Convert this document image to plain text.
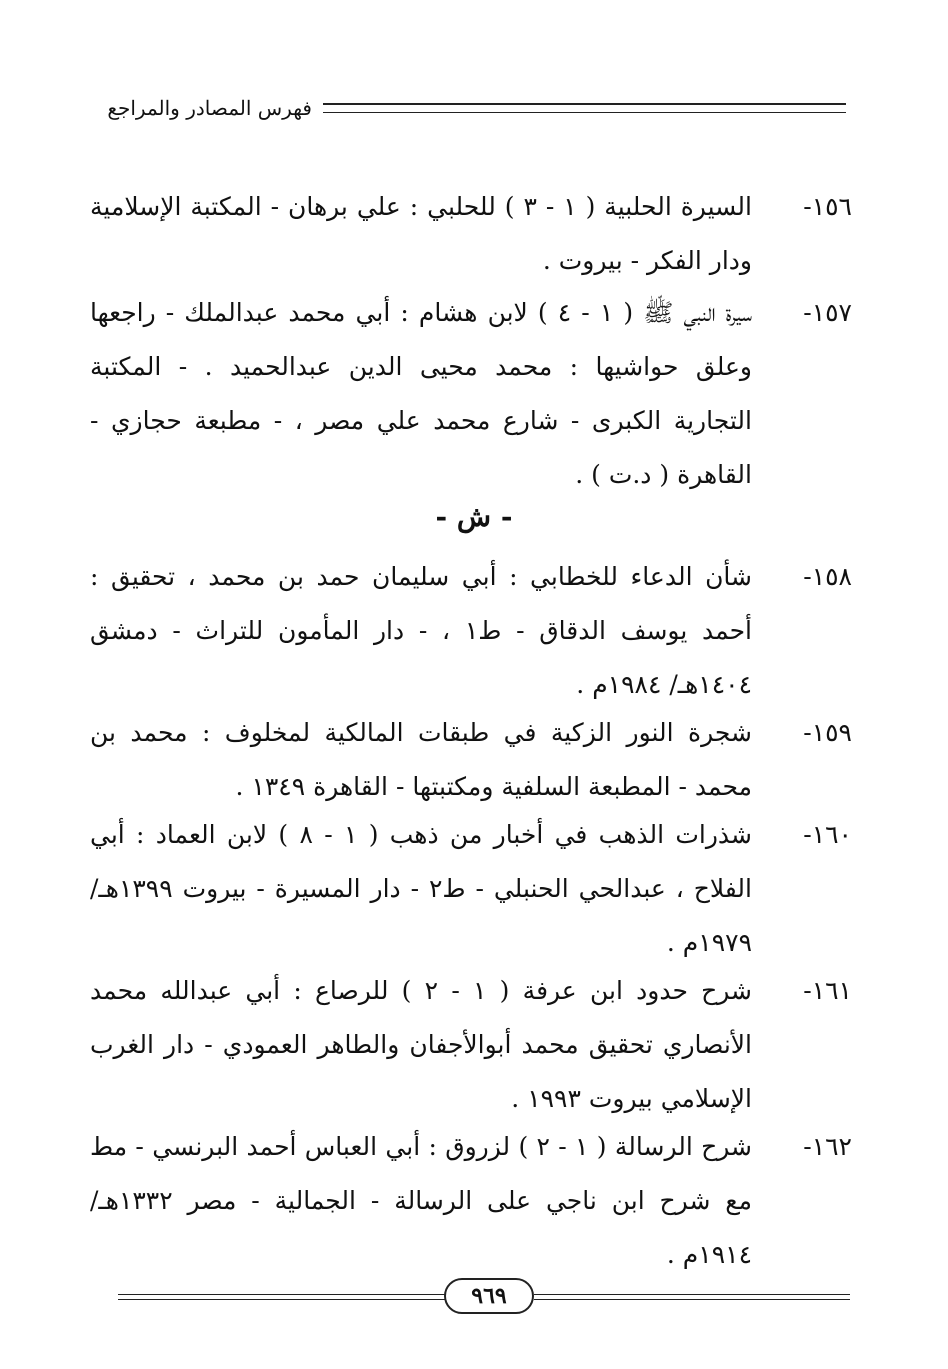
فهرس المصادر والمراجع
١٥٦-
السيرة الحلبية ( ١ - ٣ ) للحلبي : علي برهان - المكتبة الإسلامية ودار الفكر - بيروت .
١٥٧-
سيرة النبي ﷺ ( ١ - ٤ ) لابن هشام : أبي محمد عبدالملك - راجعها وعلق حواشيها : محمد محيى الدين عبدالحميد . - المكتبة التجارية الكبرى - شارع محمد علي مصر ، - مطبعة حجازي - القاهرة ( د.ت ) .
- ش -
١٥٨-
شأن الدعاء للخطابي : أبي سليمان حمد بن محمد ، تحقيق : أحمد يوسف الدقاق - ط١ ، - دار المأمون للتراث - دمشق ١٤٠٤هـ/ ١٩٨٤م .
١٥٩-
شجرة النور الزكية في طبقات المالكية لمخلوف : محمد بن محمد - المطبعة السلفية ومكتبتها - القاهرة ١٣٤٩ .
١٦٠-
شذرات الذهب في أخبار من ذهب ( ١ - ٨ ) لابن العماد : أبي الفلاح ، عبدالحي الحنبلي - ط٢ - دار المسيرة - بيروت ١٣٩٩هـ/ ١٩٧٩م .
١٦١-
شرح حدود ابن عرفة ( ١ - ٢ ) للرصاع : أبي عبدالله محمد الأنصاري تحقيق محمد أبوالأجفان والطاهر العمودي - دار الغرب الإسلامي بيروت ١٩٩٣ .
١٦٢-
شرح الرسالة ( ١ - ٢ ) لزروق : أبي العباس أحمد البرنسي - مط مع شرح ابن ناجي على الرسالة - الجمالية - مصر ١٣٣٢هـ/ ١٩١٤م .
٩٦٩
